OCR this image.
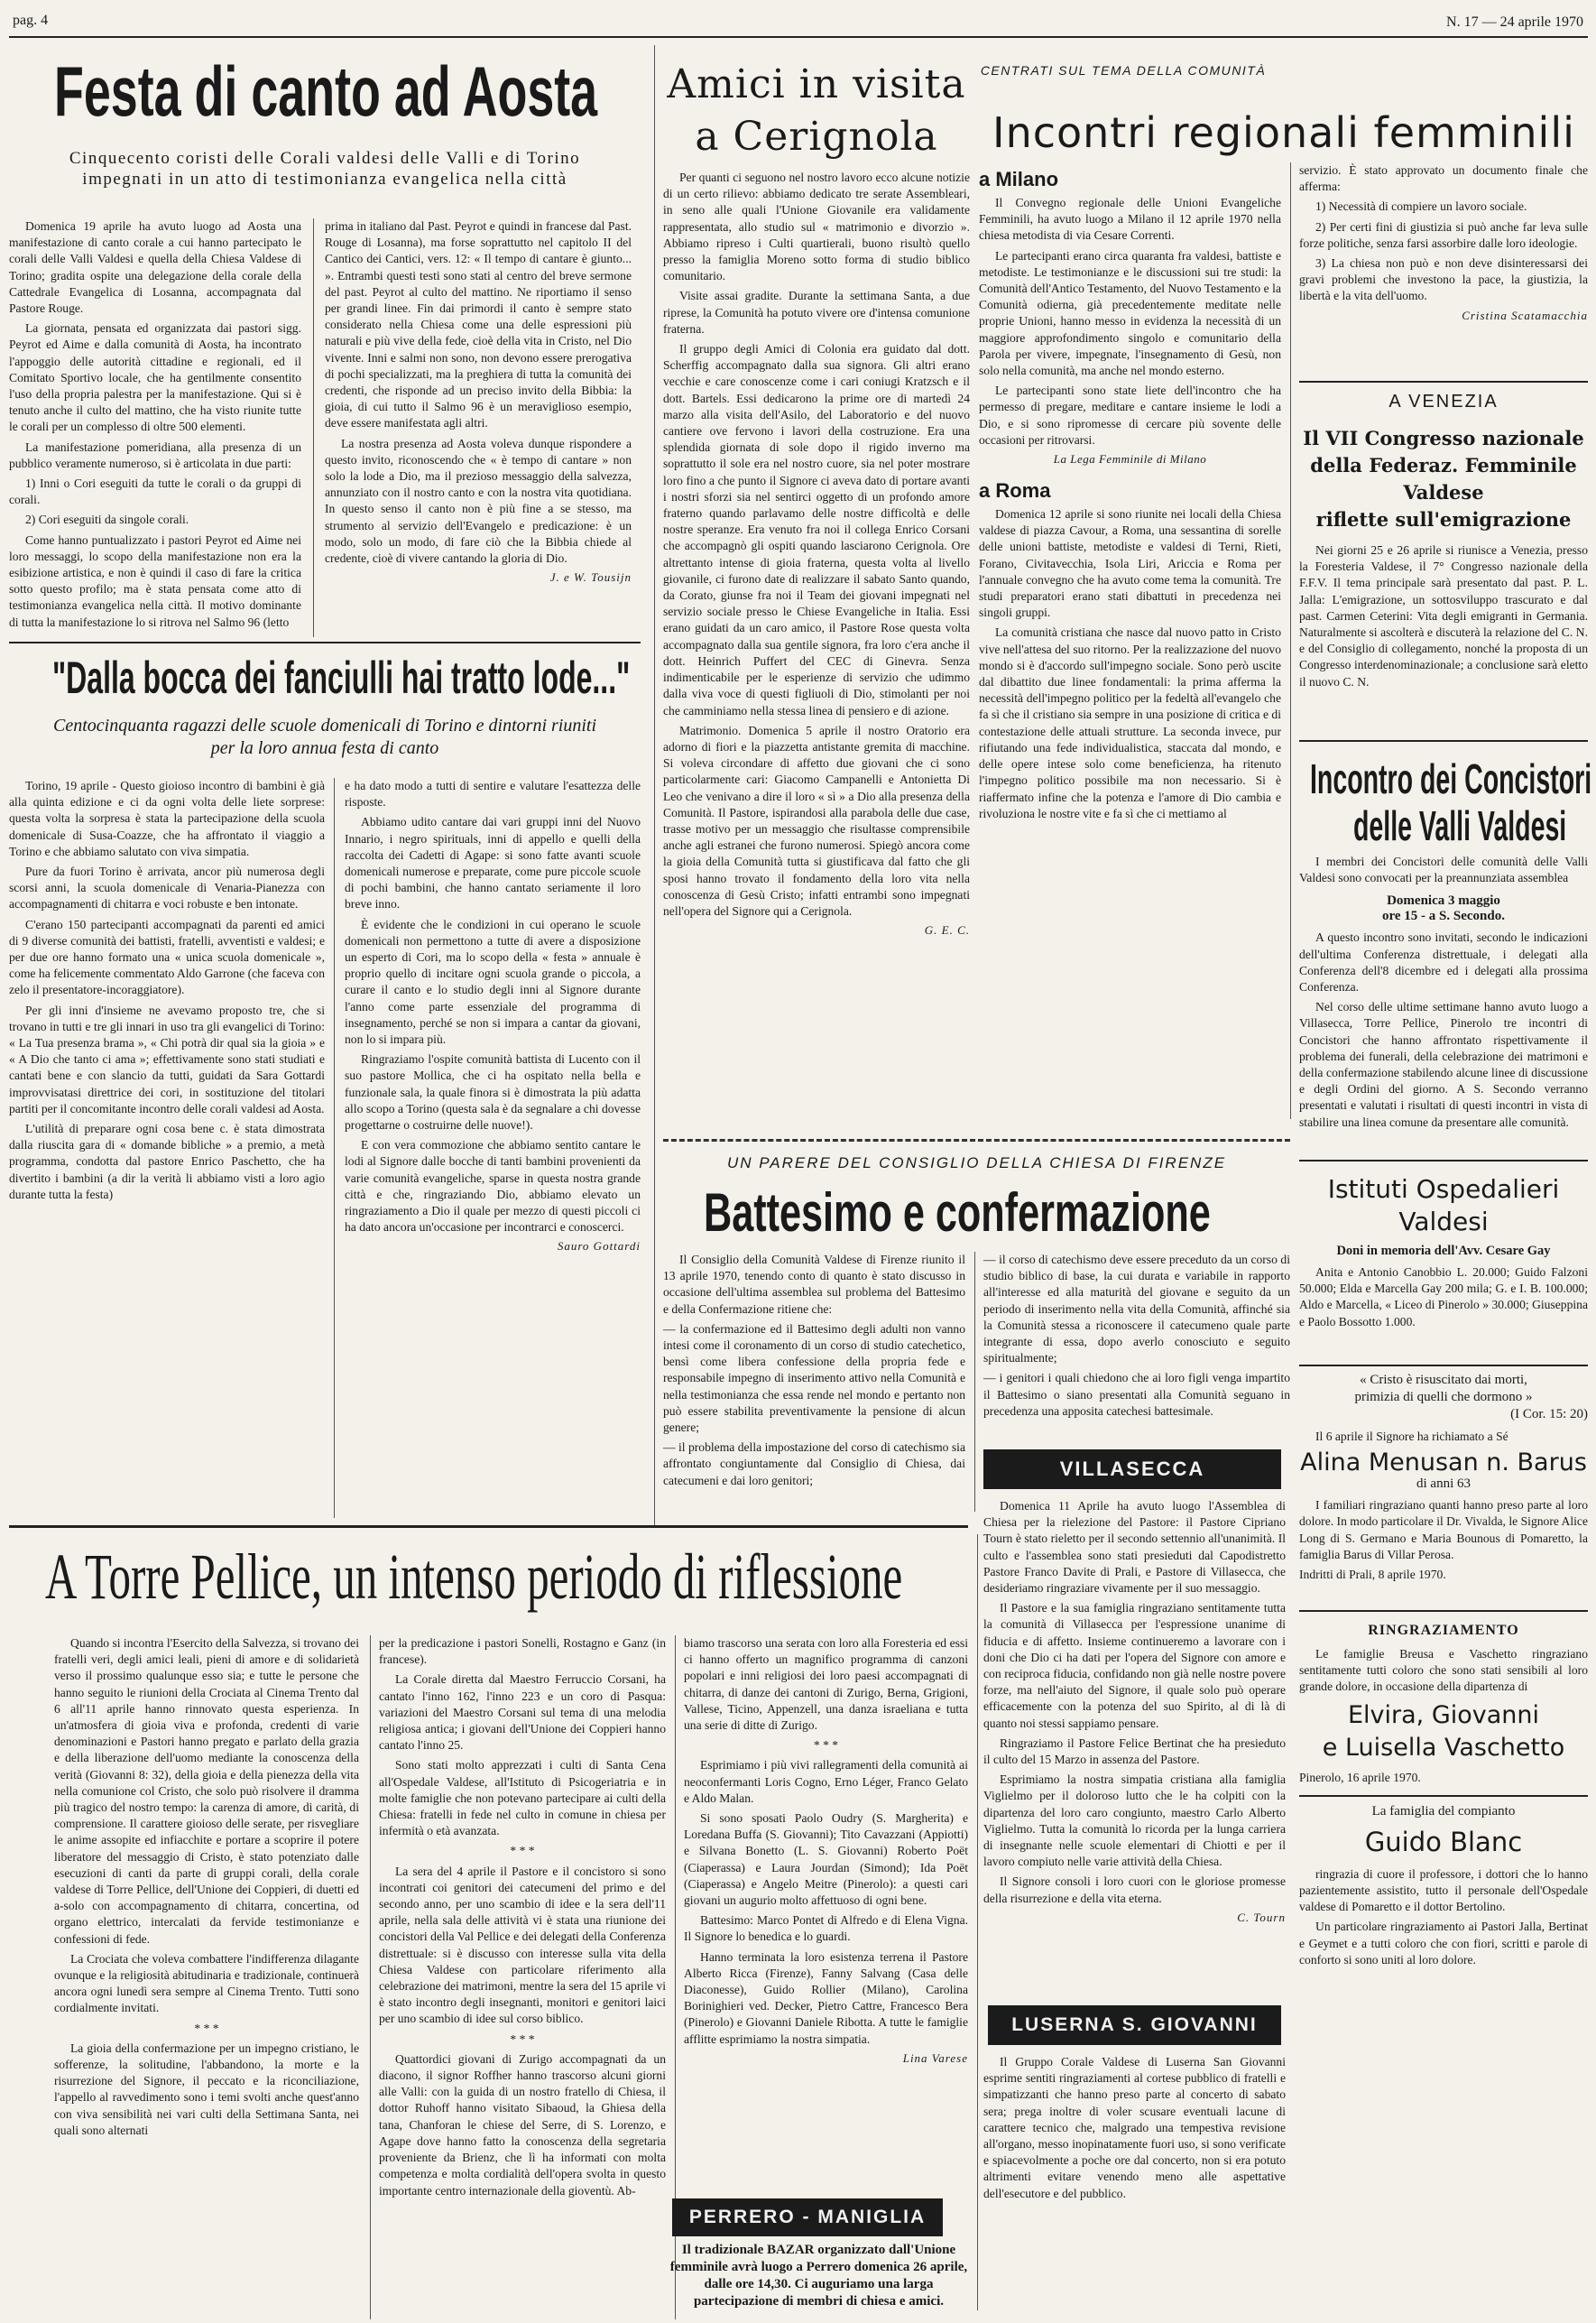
pag. 4	N. 17 — 24 aprile 1970
Festa di canto ad Aosta
Cinquecento coristi delle Corali valdesi delle Valli e di Torino impegnati in un atto di testimonianza evangelica nella città

Domenica 19 aprile ha avuto luogo ad Aosta una manifestazione di canto corale a cui hanno partecipato le corali delle Valli Valdesi e quella della Chiesa Valdese di Torino; gradita ospite una delegazione della corale della Cattedrale Evangelica di Losanna, accompagnata dal Pastore Rouge.

La giornata, pensata ed organizzata dai pastori sigg. Peyrot ed Aime e dalla comunità di Aosta, ha incontrato l'appoggio delle autorità cittadine e regionali, ed il Comitato Sportivo locale, che ha gentilmente consentito l'uso della propria palestra per la manifestazione. Qui si è tenuto anche il culto del mattino, che ha visto riunite tutte le corali per un complesso di oltre 500 elementi.

La manifestazione pomeridiana, alla presenza di un pubblico veramente numeroso, si è articolata in due parti:

1) Inni o Cori eseguiti da tutte le corali o da gruppi di corali.

2) Cori eseguiti da singole corali.

Come hanno puntualizzato i pastori Peyrot ed Aime nei loro messaggi, lo scopo della manifestazione non era la esibizione artistica, e non è quindi il caso di fare la critica sotto questo profilo; ma è stata pensata come atto di testimonianza evangelica nella città. Il motivo dominante di tutta la manifestazione lo si ritrova nel Salmo 96 (letto

prima in italiano dal Past. Peyrot e quindi in francese dal Past. Rouge di Losanna), ma forse soprattutto nel capitolo II del Cantico dei Cantici, vers. 12: « Il tempo di cantare è giunto... ». Entrambi questi testi sono stati al centro del breve sermone del past. Peyrot al culto del mattino. Ne riportiamo il senso per grandi linee. Fin dai primordi il canto è sempre stato considerato nella Chiesa come una delle espressioni più naturali e più vive della fede, cioè della vita in Cristo, nel Dio vivente. Inni e salmi non sono, non devono essere prerogativa di pochi specializzati, ma la preghiera di tutta la comunità dei credenti, che risponde ad un preciso invito della Bibbia: la gioia, di cui tutto il Salmo 96 è un meraviglioso esempio, deve essere manifestata agli altri.

La nostra presenza ad Aosta voleva dunque rispondere a questo invito, riconoscendo che « è tempo di cantare » non solo la lode a Dio, ma il prezioso messaggio della salvezza, annunziato con il nostro canto e con la nostra vita quotidiana. In questo senso il canto non è più fine a se stesso, ma strumento al servizio dell'Evangelo e predicazione: è un modo, solo un modo, di fare ciò che la Bibbia chiede al credente, cioè di vivere cantando la gloria di Dio.

J. e W. Tousijn
"Dalla bocca dei fanciulli hai tratto lode..."
Centocinquanta ragazzi delle scuole domenicali di Torino e dintorni riuniti per la loro annua festa di canto

Torino, 19 aprile - Questo gioioso incontro di bambini è già alla quinta edizione e ci da ogni volta delle liete sorprese: questa volta la sorpresa è stata la partecipazione della scuola domenicale di Susa-Coazze, che ha affrontato il viaggio a Torino e che abbiamo salutato con viva simpatia.

Pure da fuori Torino è arrivata, ancor più numerosa degli scorsi anni, la scuola domenicale di Venaria-Pianezza con accompagnamenti di chitarra e voci robuste e ben intonate.

C'erano 150 partecipanti accompagnati da parenti ed amici di 9 diverse comunità dei battisti, fratelli, avventisti e valdesi; e per due ore hanno formato una « unica scuola domenicale », come ha felicemente commentato Aldo Garrone (che faceva con zelo il presentatore-incoraggiatore).

Per gli inni d'insieme ne avevamo proposto tre, che si trovano in tutti e tre gli innari in uso tra gli evangelici di Torino: « La Tua presenza brama », « Chi potrà dir qual sia la gioia » e « A Dio che tanto ci ama »; effettivamente sono stati studiati e cantati bene e con slancio da tutti, guidati da Sara Gottardi improvvisatasi direttrice dei cori, in sostituzione del titolari partiti per il concomitante incontro delle corali valdesi ad Aosta.

L'utilità di preparare ogni cosa bene c. è stata dimostrata dalla riuscita gara di « domande bibliche » a premio, a metà programma, condotta dal pastore Enrico Paschetto, che ha divertito i bambini (a dir la verità li abbiamo visti a loro agio durante tutta la festa)

e ha dato modo a tutti di sentire e valutare l'esattezza delle risposte.

Abbiamo udito cantare dai vari gruppi inni del Nuovo Innario, i negro spirituals, inni di appello e quelli della raccolta dei Cadetti di Agape: si sono fatte avanti scuole domenicali numerose e preparate, come pure piccole scuole di pochi bambini, che hanno cantato seriamente il loro breve inno.

È evidente che le condizioni in cui operano le scuole domenicali non permettono a tutte di avere a disposizione un esperto di Cori, ma lo scopo della « festa » annuale è proprio quello di incitare ogni scuola grande o piccola, a curare il canto e lo studio degli inni al Signore durante l'anno come parte essenziale del programma di insegnamento, perché se non si impara a cantar da giovani, non lo si impara più.

Ringraziamo l'ospite comunità battista di Lucento con il suo pastore Mollica, che ci ha ospitato nella bella e funzionale sala, la quale finora si è dimostrata la più adatta allo scopo a Torino (questa sala è da segnalare a chi dovesse progettarne o costruirne delle nuove!).

E con vera commozione che abbiamo sentito cantare le lodi al Signore dalle bocche di tanti bambini provenienti da varie comunità evangeliche, sparse in questa nostra grande città e che, ringraziando Dio, abbiamo elevato un ringraziamento a Dio il quale per mezzo di questi piccoli ci ha dato ancora un'occasione per incontrarci e conoscerci.

Sauro Gottardi
Amici in visita
a Cerignola

Per quanti ci seguono nel nostro lavoro ecco alcune notizie di un certo rilievo: abbiamo dedicato tre serate Assembleari, in seno alle quali l'Unione Giovanile era validamente rappresentata, allo studio sul « matrimonio e divorzio ». Abbiamo ripreso i Culti quartierali, buono risultò quello presso la famiglia Moreno sotto forma di studio biblico comunitario.

Visite assai gradite. Durante la settimana Santa, a due riprese, la Comunità ha potuto vivere ore d'intensa comunione fraterna.

Il gruppo degli Amici di Colonia era guidato dal dott. Scherffig accompagnato dalla sua signora. Gli altri erano vecchie e care conoscenze come i cari coniugi Kratzsch e il dott. Bartels. Essi dedicarono la prime ore di martedì 24 marzo alla visita dell'Asilo, del Laboratorio e del nuovo cantiere ove fervono i lavori della costruzione. Era una splendida giornata di sole dopo il rigido inverno ma soprattutto il sole era nel nostro cuore, sia nel poter mostrare loro fino a che punto il Signore ci aveva dato di portare avanti i nostri sforzi sia nel sentirci oggetto di un profondo amore fraterno quando parlavamo delle nostre difficoltà e delle nostre speranze. Era venuto fra noi il collega Enrico Corsani che accompagnò gli ospiti quando lasciarono Cerignola. Ore altrettanto intense di gioia fraterna, questa volta al livello giovanile, ci furono date di realizzare il sabato Santo quando, da Corato, giunse fra noi il Team dei giovani impegnati nel servizio sociale presso le Chiese Evangeliche in Italia. Essi erano guidati da un caro amico, il Pastore Rose questa volta accompagnato dalla sua gentile signora, fra loro c'era anche il dott. Heinrich Puffert del CEC di Ginevra. Senza indimenticabile per le esperienze di servizio che udimmo dalla viva voce di questi figliuoli di Dio, stimolanti per noi che camminiamo nella stessa linea di pensiero e di azione.

Matrimonio. Domenica 5 aprile il nostro Oratorio era adorno di fiori e la piazzetta antistante gremita di macchine. Si voleva circondare di affetto due giovani che ci sono particolarmente cari: Giacomo Campanelli e Antonietta Di Leo che venivano a dire il loro « sì » a Dio alla presenza della Comunità. Il Pastore, ispirandosi alla parabola delle due case, trasse motivo per un messaggio che risultasse comprensibile anche agli estranei che furono numerosi. Spiegò ancora come la gioia della Comunità tutta si giustificava dal fatto che gli sposi hanno trovato il fondamento della loro vita nella conoscenza di Gesù Cristo; infatti entrambi sono impegnati nell'opera del Signore qui a Cerignola.

G. E. C.
CENTRATI SUL TEMA DELLA COMUNITÀ
Incontri regionali femminili
a Milano

Il Convegno regionale delle Unioni Evangeliche Femminili, ha avuto luogo a Milano il 12 aprile 1970 nella chiesa metodista di via Cesare Correnti.

Le partecipanti erano circa quaranta fra valdesi, battiste e metodiste. Le testimonianze e le discussioni sui tre studi: la Comunità dell'Antico Testamento, del Nuovo Testamento e la Comunità odierna, già precedentemente meditate nelle proprie Unioni, hanno messo in evidenza la necessità di un maggiore approfondimento singolo e comunitario della Parola per vivere, impegnate, l'insegnamento di Gesù, non solo nella comunità, ma anche nel mondo esterno.

Le partecipanti sono state liete dell'incontro che ha permesso di pregare, meditare e cantare insieme le lodi a Dio, e si sono ripromesse di cercare più sovente delle occasioni per ritrovarsi.

La Lega Femminile di Milano
a Roma

Domenica 12 aprile si sono riunite nei locali della Chiesa valdese di piazza Cavour, a Roma, una sessantina di sorelle delle unioni battiste, metodiste e valdesi di Terni, Rieti, Forano, Civitavecchia, Isola Liri, Ariccia e Roma per l'annuale convegno che ha avuto come tema la comunità. Tre studi preparatori erano stati dibattuti in precedenza nei singoli gruppi.

La comunità cristiana che nasce dal nuovo patto in Cristo vive nell'attesa del suo ritorno. Per la realizzazione del nuovo mondo si è d'accordo sull'impegno sociale. Sono però uscite dal dibattito due linee fondamentali: la prima afferma la necessità dell'impegno politico per la fedeltà all'evangelo che fa sì che il cristiano sia sempre in una posizione di critica e di contestazione delle attuali strutture. La seconda invece, pur rifiutando una fede individualistica, staccata dal mondo, e delle opere intese solo come beneficienza, ha ritenuto l'impegno politico possibile ma non necessario. Si è riaffermato infine che la potenza e l'amore di Dio cambia e rivoluziona le nostre vite e fa sì che ci mettiamo al

servizio. È stato approvato un documento finale che afferma:

1) Necessità di compiere un lavoro sociale.

2) Per certi fini di giustizia si può anche far leva sulle forze politiche, senza farsi assorbire dalle loro ideologie.

3) La chiesa non può e non deve disinteressarsi dei gravi problemi che investono la pace, la giustizia, la libertà e la vita dell'uomo.

Cristina Scatamacchia
A VENEZIA
Il VII Congresso nazionale
della Federaz. Femminile Valdese
riflette sull'emigrazione

Nei giorni 25 e 26 aprile si riunisce a Venezia, presso la Foresteria Valdese, il 7° Congresso nazionale della F.F.V. Il tema principale sarà presentato dal past. P. L. Jalla: L'emigrazione, un sottosviluppo trascurato e dal past. Carmen Ceterini: Vita degli emigranti in Germania. Naturalmente si ascolterà e discuterà la relazione del C. N. e del Consiglio di collegamento, nonché la proposta di un Congresso interdenominazionale; a conclusione sarà eletto il nuovo C. N.

Incontro dei Concistori
delle Valli Valdesi

I membri dei Concistori delle comunità delle Valli Valdesi sono convocati per la preannunziata assemblea

Domenica 3 maggio
ore 15 - a S. Secondo.

A questo incontro sono invitati, secondo le indicazioni dell'ultima Conferenza distrettuale, i delegati alla Conferenza dell'8 dicembre ed i delegati alla prossima Conferenza.

Nel corso delle ultime settimane hanno avuto luogo a Villasecca, Torre Pellice, Pinerolo tre incontri di Concistori che hanno affrontato rispettivamente il problema dei funerali, della celebrazione dei matrimoni e della confermazione stabilendo alcune linee di discussione e degli Ordini del giorno. A S. Secondo verranno presentati e valutati i risultati di questi incontri in vista di stabilire una linea comune da presentare alle comunità.

Istituti Ospedalieri
Valdesi
Doni in memoria dell'Avv. Cesare Gay

Anita e Antonio Canobbio L. 20.000; Guido Falzoni 50.000; Elda e Marcella Gay 200 mila; G. e I. B. 100.000; Aldo e Marcella, « Liceo di Pinerolo » 30.000; Giuseppina e Paolo Bossotto 1.000.

« Cristo è risuscitato dai morti,
primizia di quelli che dormono »
(I Cor. 15: 20)

Il 6 aprile il Signore ha richiamato a Sé

Alina Menusan n. Barus
di anni 63

I familiari ringraziano quanti hanno preso parte al loro dolore. In modo particolare il Dr. Vivalda, le Signore Alice Long di S. Germano e Maria Bounous di Pomaretto, la famiglia Barus di Villar Perosa.

Indritti di Prali, 8 aprile 1970.

RINGRAZIAMENTO

Le famiglie Breusa e Vaschetto ringraziano sentitamente tutti coloro che sono stati sensibili al loro grande dolore, in occasione della dipartenza di

Elvira, Giovanni
e Luisella Vaschetto

Pinerolo, 16 aprile 1970.

La famiglia del compianto
Guido Blanc

ringrazia di cuore il professore, i dottori che lo hanno pazientemente assistito, tutto il personale dell'Ospedale valdese di Pomaretto e il dottor Bertolino.

Un particolare ringraziamento ai Pastori Jalla, Bertinat e Geymet e a tutti coloro che con fiori, scritti e parole di conforto si sono uniti al loro dolore.

UN PARERE DEL CONSIGLIO DELLA CHIESA DI FIRENZE
Battesimo e confermazione

Il Consiglio della Comunità Valdese di Firenze riunito il 13 aprile 1970, tenendo conto di quanto è stato discusso in occasione dell'ultima assemblea sul problema del Battesimo e della Confermazione ritiene che:

— la confermazione ed il Battesimo degli adulti non vanno intesi come il coronamento di un corso di studio catechetico, bensì come libera confessione della propria fede e responsabile impegno di inserimento attivo nella Comunità e nella testimonianza che essa rende nel mondo e pertanto non può essere stabilita preventivamente la pensione di alcun genere;

— il problema della impostazione del corso di catechismo sia affrontato congiuntamente dal Consiglio di Chiesa, dai catecumeni e dai loro genitori;

— il corso di catechismo deve essere preceduto da un corso di studio biblico di base, la cui durata e variabile in rapporto all'interesse ed alla maturità del giovane e seguito da un periodo di inserimento nella vita della Comunità, affinché sia la Comunità stessa a riconoscere il catecumeno quale parte integrante di essa, dopo averlo conosciuto e seguito spiritualmente;

— i genitori i quali chiedono che ai loro figli venga impartito il Battesimo o siano presentati alla Comunità seguano in precedenza una apposita catechesi battesimale.

A Torre Pellice, un intenso periodo di riflessione

Quando si incontra l'Esercito della Salvezza, si trovano dei fratelli veri, degli amici leali, pieni di amore e di solidarietà verso il prossimo qualunque esso sia; e tutte le persone che hanno seguito le riunioni della Crociata al Cinema Trento dal 6 all'11 aprile hanno rinnovato questa esperienza. In un'atmosfera di gioia viva e profonda, credenti di varie denominazioni e Pastori hanno pregato e parlato della grazia e della liberazione dell'uomo mediante la conoscenza della verità (Giovanni 8: 32), della gioia e della pienezza della vita nella comunione col Cristo, che solo può risolvere il dramma più tragico del nostro tempo: la carenza di amore, di carità, di comprensione. Il carattere gioioso delle serate, per risvegliare le anime assopite ed infiacchite e portare a scoprire il potere liberatore del messaggio di Cristo, è stato potenziato dalle esecuzioni di canti da parte di gruppi corali, della corale valdese di Torre Pellice, dell'Unione dei Coppieri, di duetti ed a-solo con accompagnamento di chitarra, concertina, od organo elettrico, intercalati da fervide testimonianze e confessioni di fede.

La Crociata che voleva combattere l'indifferenza dilagante ovunque e la religiosità abitudinaria e tradizionale, continuerà ancora ogni lunedì sera sempre al Cinema Trento. Tutti sono cordialmente invitati.

* * *

La gioia della confermazione per un impegno cristiano, le sofferenze, la solitudine, l'abbandono, la morte e la risurrezione del Signore, il peccato e la riconciliazione, l'appello al ravvedimento sono i temi svolti anche quest'anno con viva sensibilità nei vari culti della Settimana Santa, nei quali sono alternati

per la predicazione i pastori Sonelli, Rostagno e Ganz (in francese).

La Corale diretta dal Maestro Ferruccio Corsani, ha cantato l'inno 162, l'inno 223 e un coro di Pasqua: variazioni del Maestro Corsani sul tema di una melodia religiosa antica; i giovani dell'Unione dei Coppieri hanno cantato l'inno 25.

Sono stati molto apprezzati i culti di Santa Cena all'Ospedale Valdese, all'Istituto di Psicogeriatria e in molte famiglie che non potevano partecipare ai culti della Chiesa: fratelli in fede nel culto in comune in chiesa per infermità o età avanzata.

* * *

La sera del 4 aprile il Pastore e il concistoro si sono incontrati coi genitori dei catecumeni del primo e del secondo anno, per uno scambio di idee e la sera dell'11 aprile, nella sala delle attività vi è stata una riunione dei concistori della Val Pellice e dei delegati della Conferenza distrettuale: si è discusso con interesse sulla vita della Chiesa Valdese con particolare riferimento alla celebrazione dei matrimoni, mentre la sera del 15 aprile vi è stato incontro degli insegnanti, monitori e genitori laici per uno scambio di idee sul corso biblico.

* * *

Quattordici giovani di Zurigo accompagnati da un diacono, il signor Roffher hanno trascorso alcuni giorni alle Valli: con la guida di un nostro fratello di Chiesa, il dottor Ruhoff hanno visitato Sibaoud, la Ghiesa della tana, Chanforan le chiese del Serre, di S. Lorenzo, e Agape dove hanno fatto la conoscenza della segretaria proveniente da Brienz, che lì ha informati con molta competenza e molta cordialità dell'opera svolta in questo importante centro internazionale della gioventù. Ab-

biamo trascorso una serata con loro alla Foresteria ed essi ci hanno offerto un magnifico programma di canzoni popolari e inni religiosi dei loro paesi accompagnati di chitarra, di danze dei cantoni di Zurigo, Berna, Grigioni, Vallese, Ticino, Appenzell, una danza israeliana e tutta una serie di ditte di Zurigo.

* * *

Esprimiamo i più vivi rallegramenti della comunità ai neoconfermanti Loris Cogno, Erno Léger, Franco Gelato e Aldo Malan.

Si sono sposati Paolo Oudry (S. Margherita) e Loredana Buffa (S. Giovanni); Tito Cavazzani (Appiotti) e Silvana Bonetto (L. S. Giovanni) Roberto Poët (Ciaperassa) e Laura Jourdan (Simond); Ida Poët (Ciaperassa) e Angelo Meitre (Pinerolo): a questi cari giovani un augurio molto affettuoso di ogni bene.

Battesimo: Marco Pontet di Alfredo e di Elena Vigna. Il Signore lo benedica e lo guardi.

Hanno terminata la loro esistenza terrena il Pastore Alberto Ricca (Firenze), Fanny Salvang (Casa delle Diaconesse), Guido Rollier (Milano), Carolina Borinighieri ved. Decker, Pietro Cattre, Francesco Bera (Pinerolo) e Giovanni Daniele Ribotta. A tutte le famiglie afflitte esprimiamo la nostra simpatia.

Lina Varese
VILLASECCA

Domenica 11 Aprile ha avuto luogo l'Assemblea di Chiesa per la rielezione del Pastore: il Pastore Cipriano Tourn è stato rieletto per il secondo settennio all'unanimità. Il culto e l'assemblea sono stati presieduti dal Capodistretto Pastore Franco Davite di Prali, e Pastore di Villasecca, che desideriamo ringraziare vivamente per il suo messaggio.

Il Pastore e la sua famiglia ringraziano sentitamente tutta la comunità di Villasecca per l'espressione unanime di fiducia e di affetto. Insieme continueremo a lavorare con i doni che Dio ci ha dati per l'opera del Signore con amore e con reciproca fiducia, confidando non già nelle nostre povere forze, ma nell'aiuto del Signore, il quale solo può operare efficacemente con la potenza del suo Spirito, al di là di quanto noi stessi sappiamo pensare.

Ringraziamo il Pastore Felice Bertinat che ha presieduto il culto del 15 Marzo in assenza del Pastore.

Esprimiamo la nostra simpatia cristiana alla famiglia Viglielmo per il doloroso lutto che le ha colpiti con la dipartenza del loro caro congiunto, maestro Carlo Alberto Viglielmo. Tutta la comunità lo ricorda per la lunga carriera di insegnante nelle scuole elementari di Chiotti e per il lavoro compiuto nelle varie attività della Chiesa.

Il Signore consoli i loro cuori con le gloriose promesse della risurrezione e della vita eterna.

C. Tourn
LUSERNA S. GIOVANNI

Il Gruppo Corale Valdese di Luserna San Giovanni esprime sentiti ringraziamenti al cortese pubblico di fratelli e simpatizzanti che hanno preso parte al concerto di sabato sera; prega inoltre di voler scusare eventuali lacune di carattere tecnico che, malgrado una tempestiva revisione all'organo, messo inopinatamente fuori uso, si sono verificate e spiacevolmente a poche ore dal concerto, non si era potuto altrimenti evitare venendo meno alle aspettative dell'esecutore e del pubblico.

PERRERO - MANIGLIA

Il tradizionale BAZAR organizzato dall'Unione femminile avrà luogo a Perrero domenica 26 aprile, dalle ore 14,30. Ci auguriamo una larga partecipazione di membri di chiesa e amici.
